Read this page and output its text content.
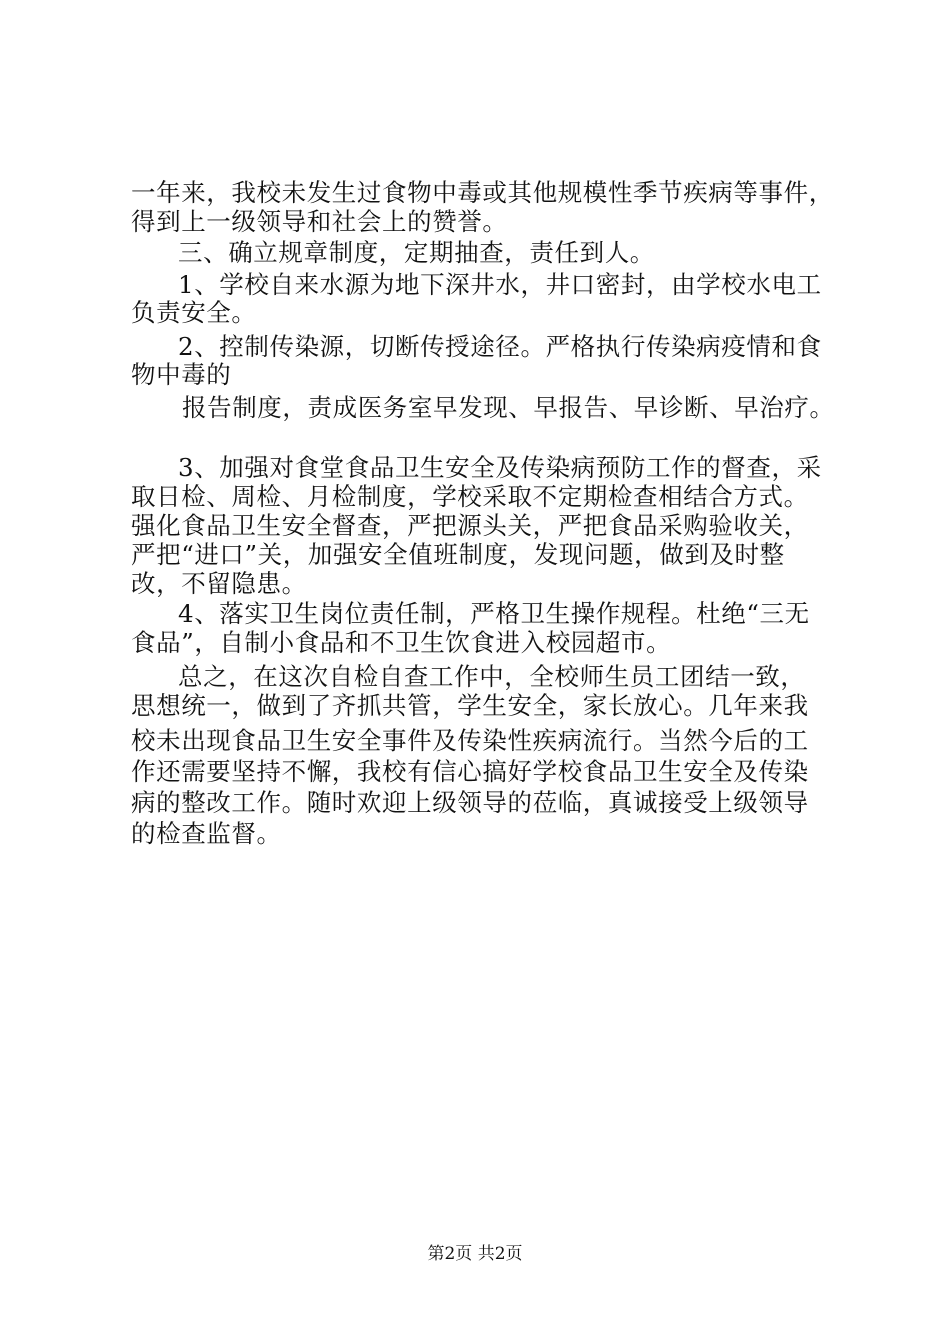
一年来，我校未发生过食物中毒或其他规模性季节疾病等事件，
得到上一级领导和社会上的赞誉。
三、确立规章制度，定期抽查，责任到人。
1、学校自来水源为地下深井水，井口密封，由学校水电工
负责安全。
2、控制传染源，切断传授途径。严格执行传染病疫情和食
物中毒的
报告制度，责成医务室早发现、早报告、早诊断、早治疗。
3、加强对食堂食品卫生安全及传染病预防工作的督查，采
取日检、周检、月检制度，学校采取不定期检查相结合方式。
强化食品卫生安全督查，严把源头关，严把食品采购验收关，
严把“进口”关，加强安全值班制度，发现问题，做到及时整
改，不留隐患。
4、落实卫生岗位责任制，严格卫生操作规程。杜绝“三无
食品”，自制小食品和不卫生饮食进入校园超市。
总之，在这次自检自查工作中，全校师生员工团结一致，
思想统一，做到了齐抓共管，学生安全，家长放心。几年来我
校未出现食品卫生安全事件及传染性疾病流行。当然今后的工
作还需要坚持不懈，我校有信心搞好学校食品卫生安全及传染
病的整改工作。随时欢迎上级领导的莅临，真诚接受上级领导
的检查监督。
第2页 共2页
